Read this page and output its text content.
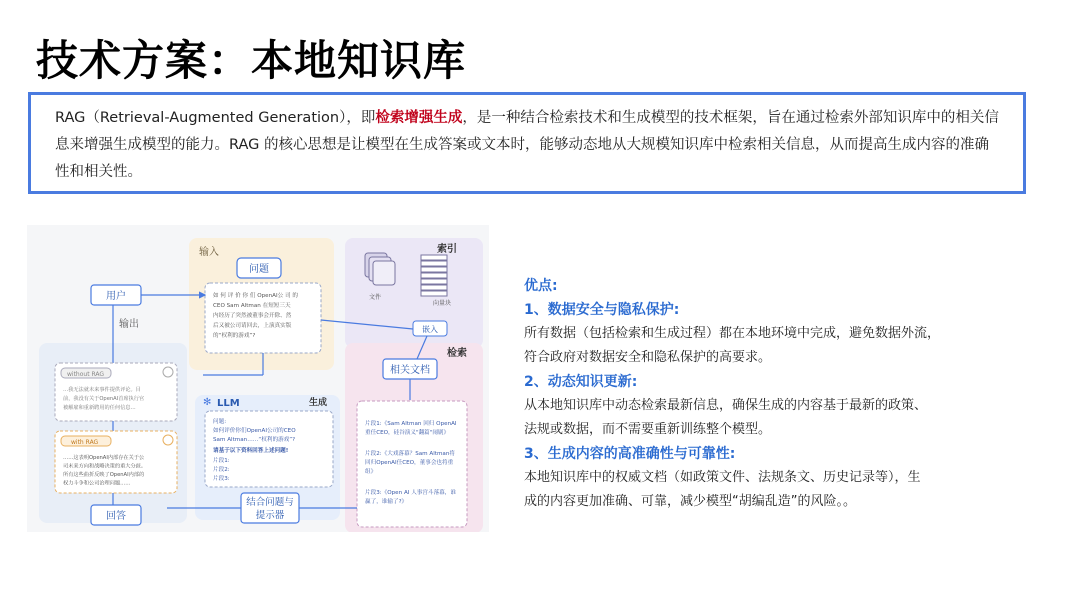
技术方案：本地知识库
RAG（Retrieval-Augmented Generation），即检索增强生成，是一种结合检索技术和生成模型的技术框架，旨在通过检索外部知识库中的相关信息来增强生成模型的能力。RAG 的核心思想是让模型在生成答案或文本时，能够动态地从大规模知识库中检索相关信息，从而提高生成内容的准确性和相关性。
输入	索引
问题
如 何 评 价 你 们 OpenAI公 司 的
CEO Sam Altman 在短短三天
内经历了突然被董事会开除、然
后又被公司请回去，上演真实版
的“权利的游戏”?
用户
输出
文件
向量块
嵌入
检索
相关文档
片段1:《Sam Altman 回归 OpenAI
重任CEO，硅谷演义"翻篇"闹剧》
片段2:《大戏落幕？Sam Altman将
回归OpenAI任CEO，董事会也将重
组》
片段3:《Open AI 人事宫斗落幕，谁
赢了，谁输了?》
✻ LLM	生成
问题:
如何评价你们OpenAI公司的CEO
Sam Altman……“权利的游戏”?
请基于以下资料回答上述问题!
片段1:
片段2:
片段3:
without RAG
…我无法就未来事件提供评论。目
前，我没有关于OpenAI首席执行官
被解雇和重新聘用的任何信息…
with RAG
……这表明OpenAI内部存在关于公
司未来方向和战略决策的重大分歧。
所有这些曲折反映了OpenAI内部的
权力斗争和公司治理问题……
结合问题与
提示器
回答
优点:
1、数据安全与隐私保护:
所有数据（包括检索和生成过程）都在本地环境中完成，避免数据外流，
符合政府对数据安全和隐私保护的高要求。
2、动态知识更新:
从本地知识库中动态检索最新信息，确保生成的内容基于最新的政策、
法规或数据，而不需要重新训练整个模型。
3、生成内容的高准确性与可靠性:
本地知识库中的权威文档（如政策文件、法规条文、历史记录等），生
成的内容更加准确、可靠，减少模型“胡编乱造”的风险。。
